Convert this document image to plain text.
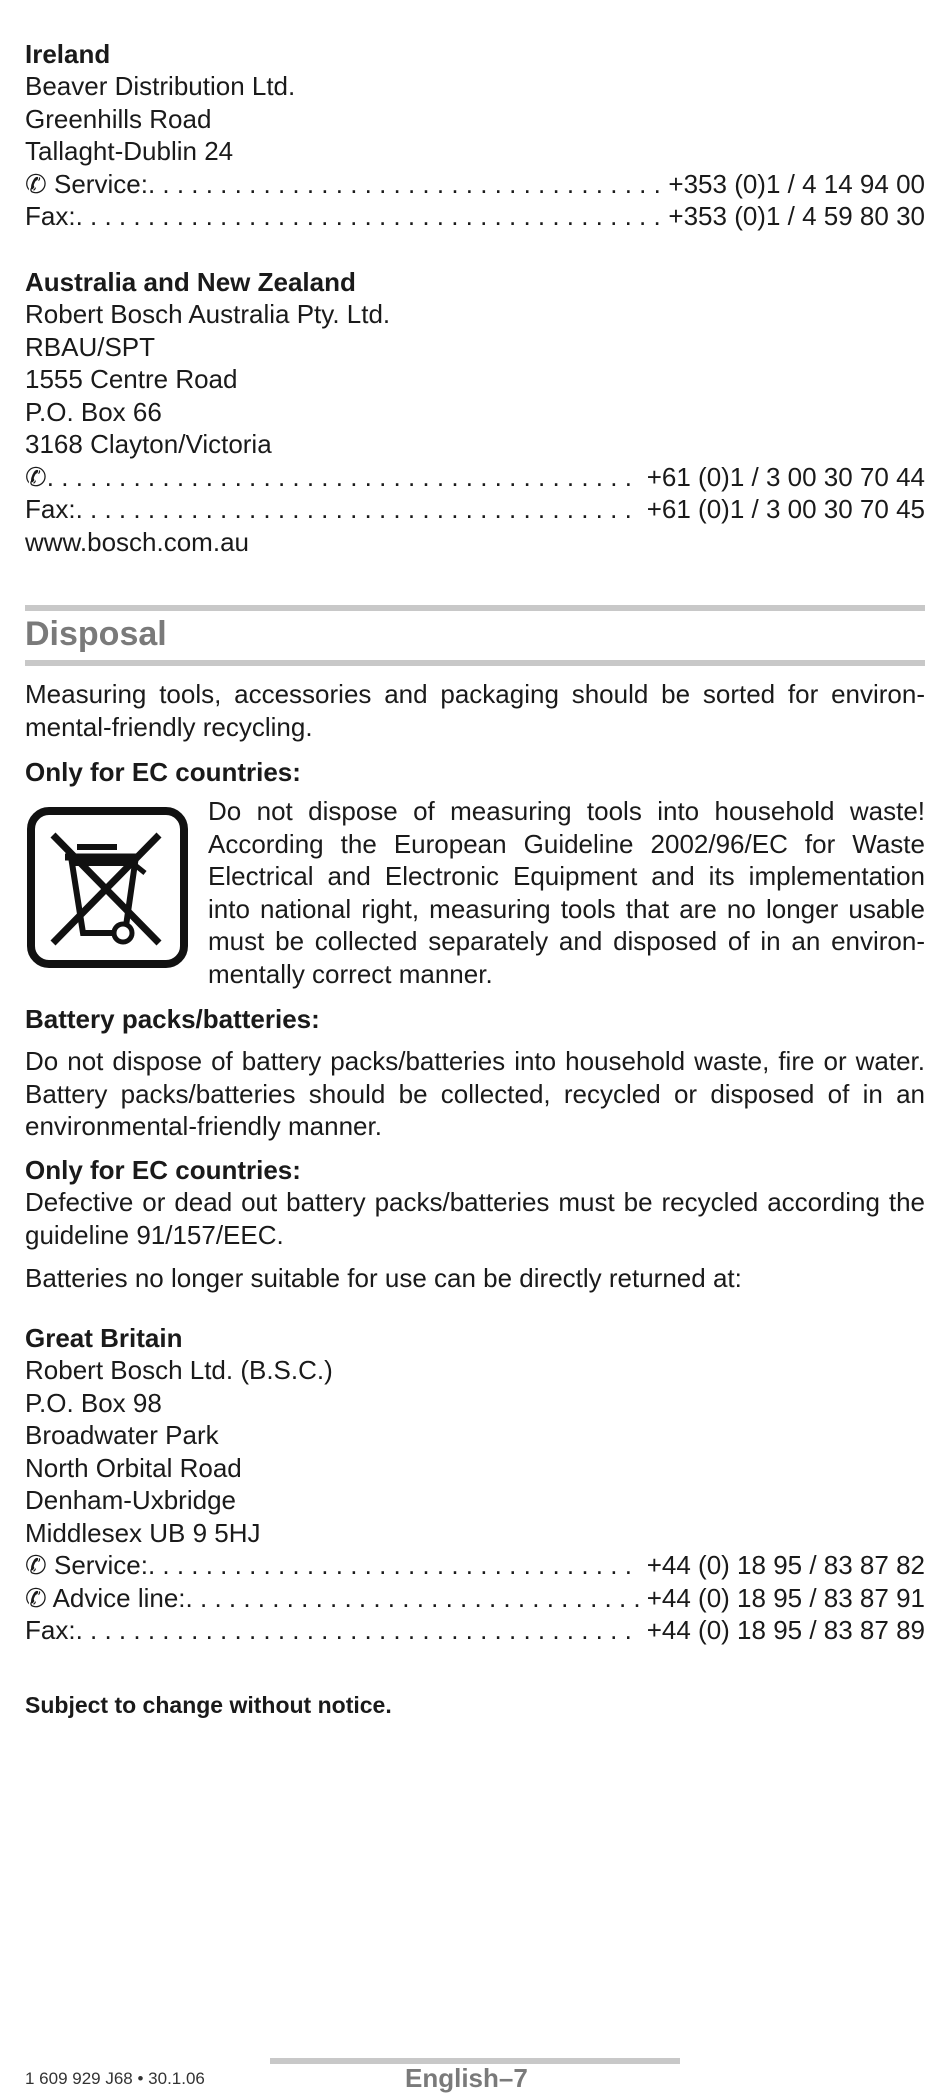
Ireland

Beaver Distribution Ltd.
Greenhills Road
Tallaght-Dublin 24
✆ Service: . . .	+353 (0)1 / 4 14 94 00
Fax: . . .	+353 (0)1 / 4 59 80 30

Australia and New Zealand

Robert Bosch Australia Pty. Ltd.
RBAU/SPT
1555 Centre Road
P.O. Box 66
3168 Clayton/Victoria
✆ . . .	+61 (0)1 / 3 00 30 70 44
Fax: . . .	+61 (0)1 / 3 00 30 70 45
www.bosch.com.au
Disposal

Measuring tools, accessories and packaging should be sorted for environ-mental-friendly recycling.

Only for EC countries:

Do not dispose of measuring tools into household waste! According the European Guideline 2002/96/EC for Waste Electrical and Electronic Equipment and its implementation into national right, measuring tools that are no longer usable must be collected separately and disposed of in an environ-mentally correct manner.

Battery packs/batteries:

Do not dispose of battery packs/batteries into household waste, fire or water. Battery packs/batteries should be collected, recycled or disposed of in an environmental-friendly manner.

Only for EC countries:

Defective or dead out battery packs/batteries must be recycled according the guideline 91/157/EEC.

Batteries no longer suitable for use can be directly returned at:

Great Britain

Robert Bosch Ltd. (B.S.C.)
P.O. Box 98
Broadwater Park
North Orbital Road
Denham-Uxbridge
Middlesex UB 9 5HJ
✆ Service: . . .	+44 (0) 18 95 / 83 87 82
✆ Advice line: . . .	+44 (0) 18 95 / 83 87 91
Fax: . . .	+44 (0) 18 95 / 83 87 89
Subject to change without notice.
1 609 929 J68 • 30.1.06	English–7
